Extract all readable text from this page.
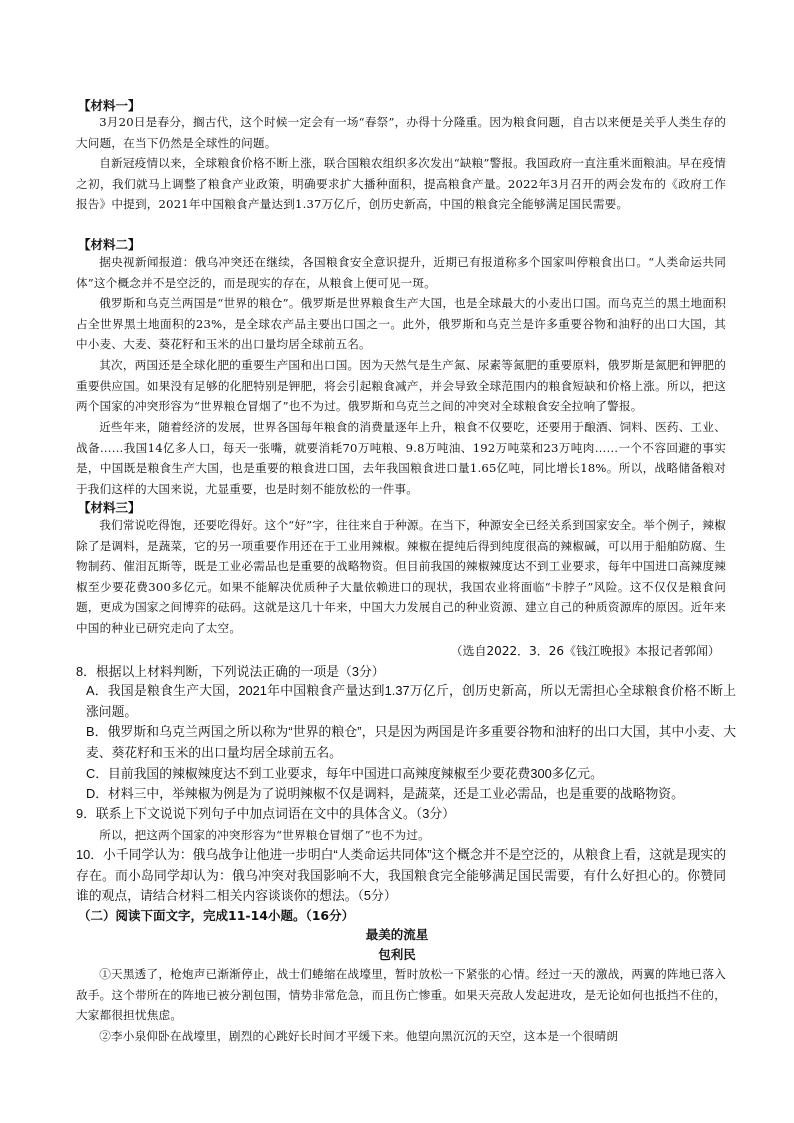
【材料一】

3月20日是春分，搁古代，这个时候一定会有一场“春祭”，办得十分隆重。因为粮食问题，自古以来便是关乎人类生存的大问题，在当下仍然是全球性的问题。

自新冠疫情以来，全球粮食价格不断上涨，联合国粮农组织多次发出“缺粮”警报。我国政府一直注重米面粮油。早在疫情之初，我们就马上调整了粮食产业政策，明确要求扩大播种面积，提高粮食产量。2022年3月召开的两会发布的《政府工作报告》中提到，2021年中国粮食产量达到1.37万亿斤，创历史新高，中国的粮食完全能够满足国民需要。

【材料二】

据央视新闻报道：俄乌冲突还在继续，各国粮食安全意识提升，近期已有报道称多个国家叫停粮食出口。“人类命运共同体”这个概念并不是空泛的，而是现实的存在，从粮食上便可见一斑。

俄罗斯和乌克兰两国是“世界的粮仓”。俄罗斯是世界粮食生产大国，也是全球最大的小麦出口国。而乌克兰的黑土地面积占全世界黑土地面积的23%，是全球农产品主要出口国之一。此外，俄罗斯和乌克兰是许多重要谷物和油籽的出口大国，其中小麦、大麦、葵花籽和玉米的出口量均居全球前五名。

其次，两国还是全球化肥的重要生产国和出口国。因为天然气是生产氮、尿素等氮肥的重要原料，俄罗斯是氮肥和钾肥的重要供应国。如果没有足够的化肥特别是钾肥，将会引起粮食减产，并会导致全球范围内的粮食短缺和价格上涨。所以，把这两个国家的冲突形容为“世界粮仓冒烟了”也不为过。俄罗斯和乌克兰之间的冲突对全球粮食安全拉响了警报。

近些年来，随着经济的发展，世界各国每年粮食的消费量逐年上升，粮食不仅要吃，还要用于酿酒、饲料、医药、工业、战备……我国14亿多人口，每天一张嘴，就要消耗70万吨粮、9.8万吨油、192万吨菜和23万吨肉……一个不容回避的事实是，中国既是粮食生产大国，也是重要的粮食进口国，去年我国粮食进口量1.65亿吨，同比增长18%。所以，战略储备粮对于我们这样的大国来说，尤显重要，也是时刻不能放松的一件事。

【材料三】

我们常说吃得饱，还要吃得好。这个“好”字，往往来自于种源。在当下，种源安全已经关系到国家安全。举个例子，辣椒除了是调料，是蔬菜，它的另一项重要作用还在于工业用辣椒。辣椒在提纯后得到纯度很高的辣椒碱，可以用于船舶防腐、生物制药、催泪瓦斯等，既是工业必需品也是重要的战略物资。但目前我国的辣椒辣度达不到工业要求，每年中国进口高辣度辣椒至少要花费300多亿元。如果不能解决优质种子大量依赖进口的现状，我国农业将面临“卡脖子”风险。这不仅仅是粮食问题，更成为国家之间博弈的砝码。这就是这几十年来，中国大力发展自己的种业资源、建立自己的种质资源库的原因。近年来中国的种业已研究走向了太空。

（选自2022．3．26《钱江晚报》本报记者郭闻）

8．根据以上材料判断，下列说法正确的一项是（3分）

A．我国是粮食生产大国，2021年中国粮食产量达到1.37万亿斤，创历史新高，所以无需担心全球粮食价格不断上涨问题。

B．俄罗斯和乌克兰两国之所以称为“世界的粮仓”，只是因为两国是许多重要谷物和油籽的出口大国，其中小麦、大麦、葵花籽和玉米的出口量均居全球前五名。

C．目前我国的辣椒辣度达不到工业要求，每年中国进口高辣度辣椒至少要花费300多亿元。

D．材料三中，举辣椒为例是为了说明辣椒不仅是调料，是蔬菜，还是工业必需品，也是重要的战略物资。

9．联系上下文说说下列句子中加点词语在文中的具体含义。（3分）

所以，把这两个国家的冲突形容为“世界粮仓冒烟了”也不为过。

10．小千同学认为：俄乌战争让他进一步明白“人类命运共同体”这个概念并不是空泛的，从粮食上看，这就是现实的存在。而小岛同学却认为：俄乌冲突对我国影响不大，我国粮食完全能够满足国民需要，有什么好担心的。你赞同谁的观点，请结合材料二相关内容谈谈你的想法。（5分）

（二）阅读下面文字，完成11-14小题。（16分）

最美的流星

包利民

①天黑透了，枪炮声已渐渐停止，战士们蜷缩在战壕里，暂时放松一下紧张的心情。经过一天的激战，两翼的阵地已落入敌手。这个带所在的阵地已被分割包围，情势非常危急，而且伤亡惨重。如果天亮敌人发起进攻，是无论如何也抵挡不住的，大家都很担忧焦虑。

②李小泉仰卧在战壕里，剧烈的心跳好长时间才平缓下来。他望向黑沉沉的天空，这本是一个很晴朗
